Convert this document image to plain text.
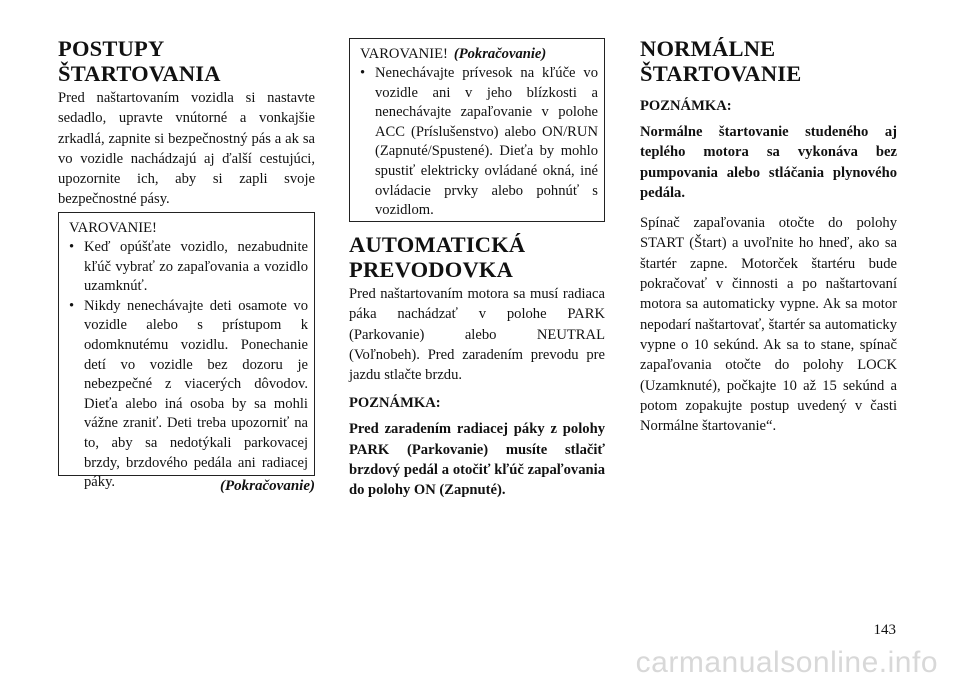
POSTUPY
ŠTARTOVANIA

Pred naštartovaním vozidla si nastavte sedadlo, upravte vnútorné a vonkajšie zrkadlá, zapnite si bezpečnostný pás a ak sa vo vozidle nachádzajú aj ďalší cestujúci, upozornite ich, aby si zapli svoje bezpečnostné pásy.

VAROVANIE!

• Keď opúšťate vozidlo, nezabudnite kľúč vybrať zo zapaľovania a vozidlo uzamknúť.
• Nikdy nenechávajte deti osamote vo vozidle alebo s prístupom k odomknutému vozidlu. Ponechanie detí vo vozidle bez dozoru je nebezpečné z viacerých dôvodov. Dieťa alebo iná osoba by sa mohli vážne zraniť. Deti treba upozorniť na to, aby sa nedotýkali parkovacej brzdy, brzdového pedála ani radiacej páky.	(Pokračovanie)

VAROVANIE! (Pokračovanie)

• Nenechávajte prívesok na kľúče vo vozidle ani v jeho blízkosti a nenechávajte zapaľovanie v polohe ACC (Príslušenstvo) alebo ON/RUN (Zapnuté/Spustené). Dieťa by mohlo spustiť elektricky ovládané okná, iné ovládacie prvky alebo pohnúť s vozidlom.
AUTOMATICKÁ
PREVODOVKA

Pred naštartovaním motora sa musí radiaca páka nachádzať v polohe PARK (Parkovanie) alebo NEUTRAL (Voľnobeh). Pred zaradením prevodu pre jazdu stlačte brzdu.

POZNÁMKA:

Pred zaradením radiacej páky z polohy PARK (Parkovanie) musíte stlačiť brzdový pedál a otočiť kľúč zapaľovania do polohy ON (Zapnuté).

NORMÁLNE
ŠTARTOVANIE

POZNÁMKA:

Normálne štartovanie studeného aj teplého motora sa vykonáva bez pumpovania alebo stláčania plynového pedála.

Spínač zapaľovania otočte do polohy START (Štart) a uvoľnite ho hneď, ako sa štartér zapne. Motorček štartéru bude pokračovať v činnosti a po naštartovaní motora sa automaticky vypne. Ak sa motor nepodarí naštartovať, štartér sa automaticky vypne o 10 sekúnd. Ak sa to stane, spínač zapaľovania otočte do polohy LOCK (Uzamknuté), počkajte 10 až 15 sekúnd a potom zopakujte postup uvedený v časti Normálne štartovanie“.

143
carmanualsonline.info
